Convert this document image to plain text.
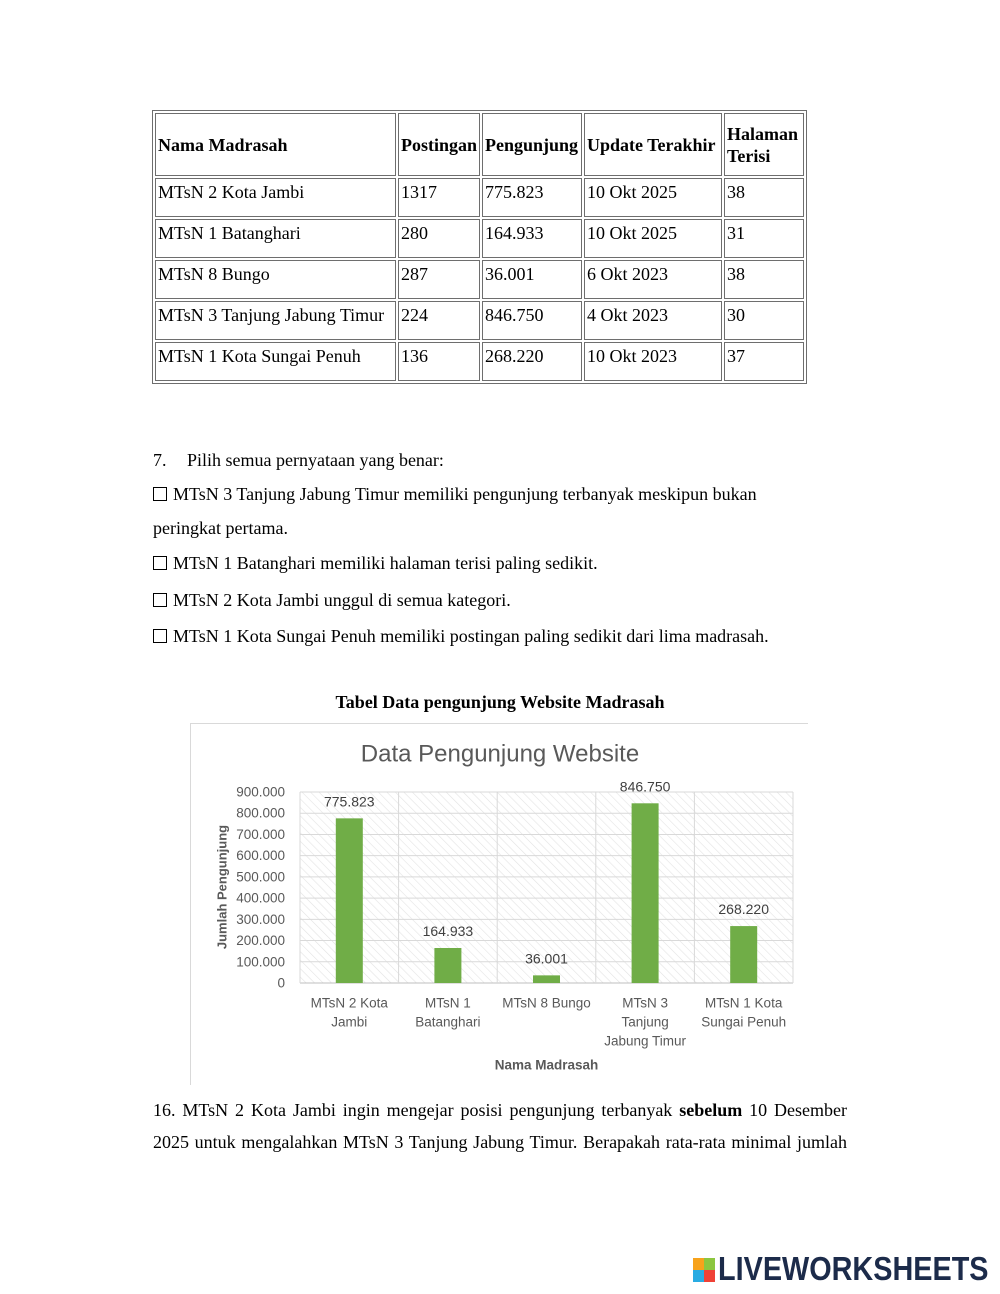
Nama Madrasah	Postingan	Pengunjung	Update Terakhir	Halaman Terisi
MTsN 2 Kota Jambi	1317	775.823	10 Okt 2025	38
MTsN 1 Batanghari	280	164.933	10 Okt 2025	31
MTsN 8 Bungo	287	36.001	6 Okt 2023	38
MTsN 3 Tanjung Jabung Timur	224	846.750	4 Okt 2023	30
MTsN 1 Kota Sungai Penuh	136	268.220	10 Okt 2023	37
7. Pilih semua pernyataan yang benar:
MTsN 3 Tanjung Jabung Timur memiliki pengunjung terbanyak meskipun bukan
peringkat pertama.
MTsN 1 Batanghari memiliki halaman terisi paling sedikit.
MTsN 2 Kota Jambi unggul di semua kategori.
MTsN 1 Kota Sungai Penuh memiliki postingan paling sedikit dari lima madrasah.
Tabel Data pengunjung Website Madrasah
Data Pengunjung Website
0
100.000
200.000
300.000
400.000
500.000
600.000
700.000
800.000
900.000
775.823
MTsN 2 Kota Jambi
164.933
MTsN 1 Batanghari
36.001
MTsN 8 Bungo
846.750
MTsN 3 Tanjung Jabung Timur
268.220
MTsN 1 Kota Sungai Penuh
Nama Madrasah
Jumlah Pengunjung
16. MTsN 2 Kota Jambi ingin mengejar posisi pengunjung terbanyak sebelum 10 Desember
2025 untuk mengalahkan MTsN 3 Tanjung Jabung Timur. Berapakah rata-rata minimal jumlah
LIVEWORKSHEETS
